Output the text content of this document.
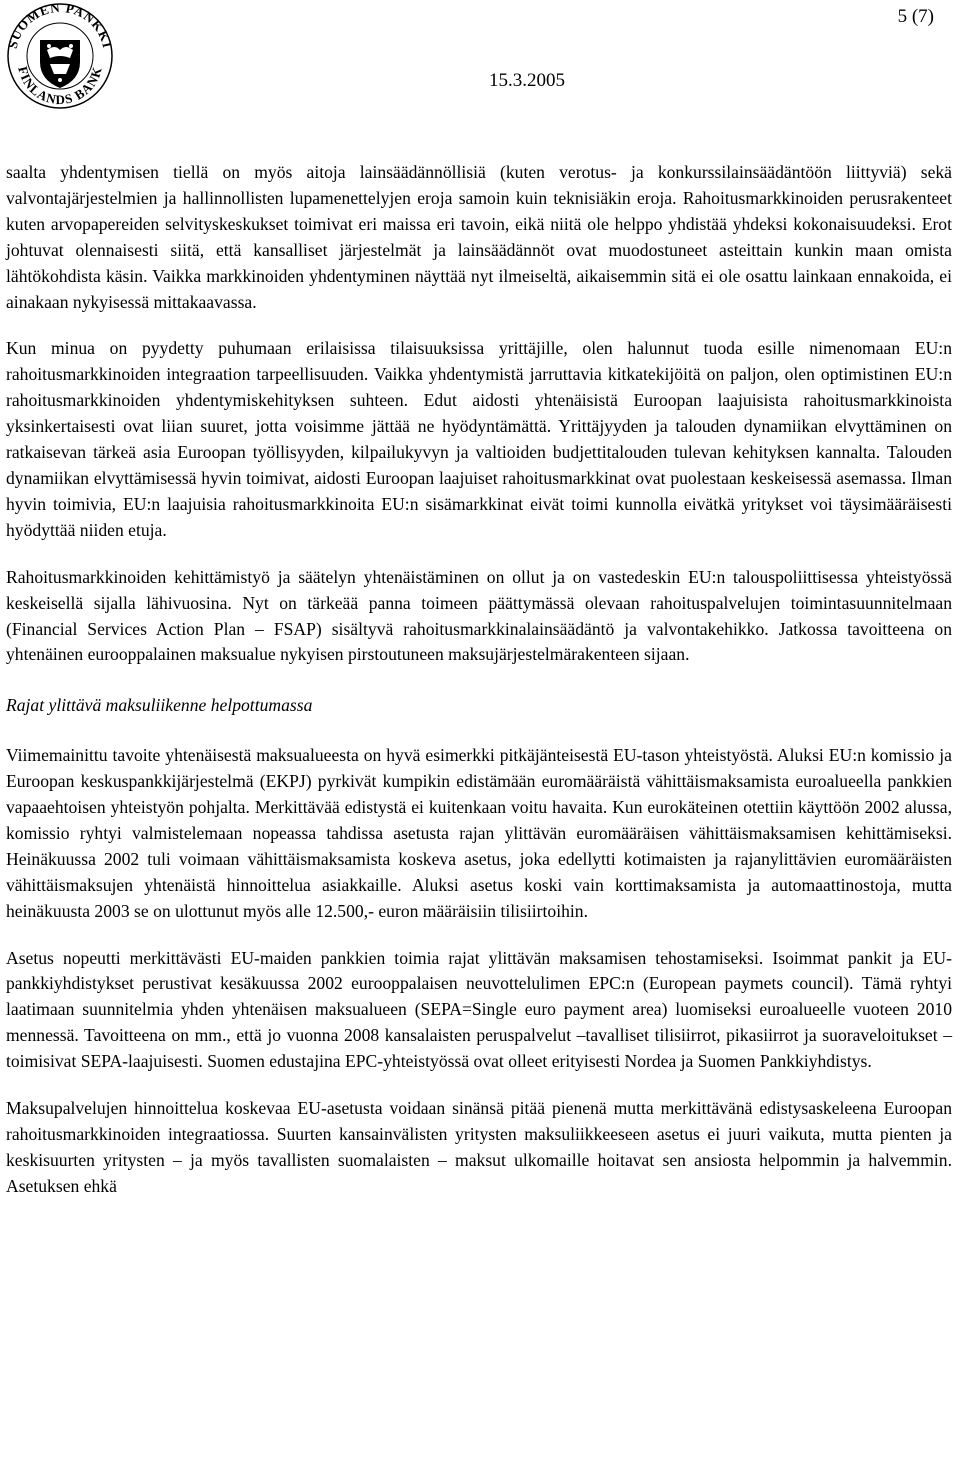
SUOMEN PANKKI
FINLANDS BANK
5 (7)
15.3.2005

saalta yhdentymisen tiellä on myös aitoja lainsäädännöllisiä (kuten verotus- ja konkurssilainsäädäntöön liittyviä) sekä valvontajärjestelmien ja hallinnollisten lupamenettelyjen eroja samoin kuin teknisiäkin eroja. Rahoitusmarkkinoiden perusrakenteet kuten arvopapereiden selvityskeskukset toimivat eri maissa eri tavoin, eikä niitä ole helppo yhdistää yhdeksi kokonaisuudeksi. Erot johtuvat olennaisesti siitä, että kansalliset järjestelmät ja lainsäädännöt ovat muodostuneet asteittain kunkin maan omista lähtökohdista käsin. Vaikka markkinoiden yhdentyminen näyttää nyt ilmeiseltä, aikaisemmin sitä ei ole osattu lainkaan ennakoida, ei ainakaan nykyisessä mittakaavassa.

Kun minua on pyydetty puhumaan erilaisissa tilaisuuksissa yrittäjille, olen halunnut tuoda esille nimenomaan EU:n rahoitusmarkkinoiden integraation tarpeellisuuden. Vaikka yhdentymistä jarruttavia kitkatekijöitä on paljon, olen optimistinen EU:n rahoitusmarkkinoiden yhdentymiskehityksen suhteen. Edut aidosti yhtenäisistä Euroopan laajuisista rahoitusmarkkinoista yksinkertaisesti ovat liian suuret, jotta voisimme jättää ne hyödyntämättä. Yrittäjyyden ja talouden dynamiikan elvyttäminen on ratkaisevan tärkeä asia Euroopan työllisyyden, kilpailukyvyn ja valtioiden budjettitalouden tulevan kehityksen kannalta. Talouden dynamiikan elvyttämisessä hyvin toimivat, aidosti Euroopan laajuiset rahoitusmarkkinat ovat puolestaan keskeisessä asemassa. Ilman hyvin toimivia, EU:n laajuisia rahoitusmarkkinoita EU:n sisämarkkinat eivät toimi kunnolla eivätkä yritykset voi täysimääräisesti hyödyttää niiden etuja.

Rahoitusmarkkinoiden kehittämistyö ja säätelyn yhtenäistäminen on ollut ja on vastedeskin EU:n talouspoliittisessa yhteistyössä keskeisellä sijalla lähivuosina. Nyt on tärkeää panna toimeen päättymässä olevaan rahoituspalvelujen toimintasuunnitelmaan (Financial Services Action Plan – FSAP) sisältyvä rahoitusmarkkinalainsäädäntö ja valvontakehikko. Jatkossa tavoitteena on yhtenäinen eurooppalainen maksualue nykyisen pirstoutuneen maksujärjestelmärakenteen sijaan.

Rajat ylittävä maksuliikenne helpottumassa

Viimemainittu tavoite yhtenäisestä maksualueesta on hyvä esimerkki pitkäjänteisestä EU-tason yhteistyöstä. Aluksi EU:n komissio ja Euroopan keskuspankkijärjestelmä (EKPJ) pyrkivät kumpikin edistämään euromääräistä vähittäismaksamista euroalueella pankkien vapaaehtoisen yhteistyön pohjalta. Merkittävää edistystä ei kuitenkaan voitu havaita. Kun eurokäteinen otettiin käyttöön 2002 alussa, komissio ryhtyi valmistelemaan nopeassa tahdissa asetusta rajan ylittävän euromääräisen vähittäismaksamisen kehittämiseksi. Heinäkuussa 2002 tuli voimaan vähittäismaksamista koskeva asetus, joka edellytti kotimaisten ja rajanylittävien euromääräisten vähittäismaksujen yhtenäistä hinnoittelua asiakkaille. Aluksi asetus koski vain korttimaksamista ja automaattinostoja, mutta heinäkuusta 2003 se on ulottunut myös alle 12.500,- euron määräisiin tilisiirtoihin.

Asetus nopeutti merkittävästi EU-maiden pankkien toimia rajat ylittävän maksamisen tehostamiseksi. Isoimmat pankit ja EU-pankkiyhdistykset perustivat kesäkuussa 2002 eurooppalaisen neuvottelulimen EPC:n (European paymets council). Tämä ryhtyi laatimaan suunnitelmia yhden yhtenäisen maksualueen (SEPA=Single euro payment area) luomiseksi euroalueelle vuoteen 2010 mennessä. Tavoitteena on mm., että jo vuonna 2008 kansalaisten peruspalvelut –tavalliset tilisiirrot, pikasiirrot ja suoraveloitukset – toimisivat SEPA-laajuisesti. Suomen edustajina EPC-yhteistyössä ovat olleet erityisesti Nordea ja Suomen Pankkiyhdistys.

Maksupalvelujen hinnoittelua koskevaa EU-asetusta voidaan sinänsä pitää pienenä mutta merkittävänä edistysaskeleena Euroopan rahoitusmarkkinoiden integraatiossa. Suurten kansainvälisten yritysten maksuliikkeeseen asetus ei juuri vaikuta, mutta pienten ja keskisuurten yritysten – ja myös tavallisten suomalaisten – maksut ulkomaille hoitavat sen ansiosta helpommin ja halvemmin. Asetuksen ehkä
